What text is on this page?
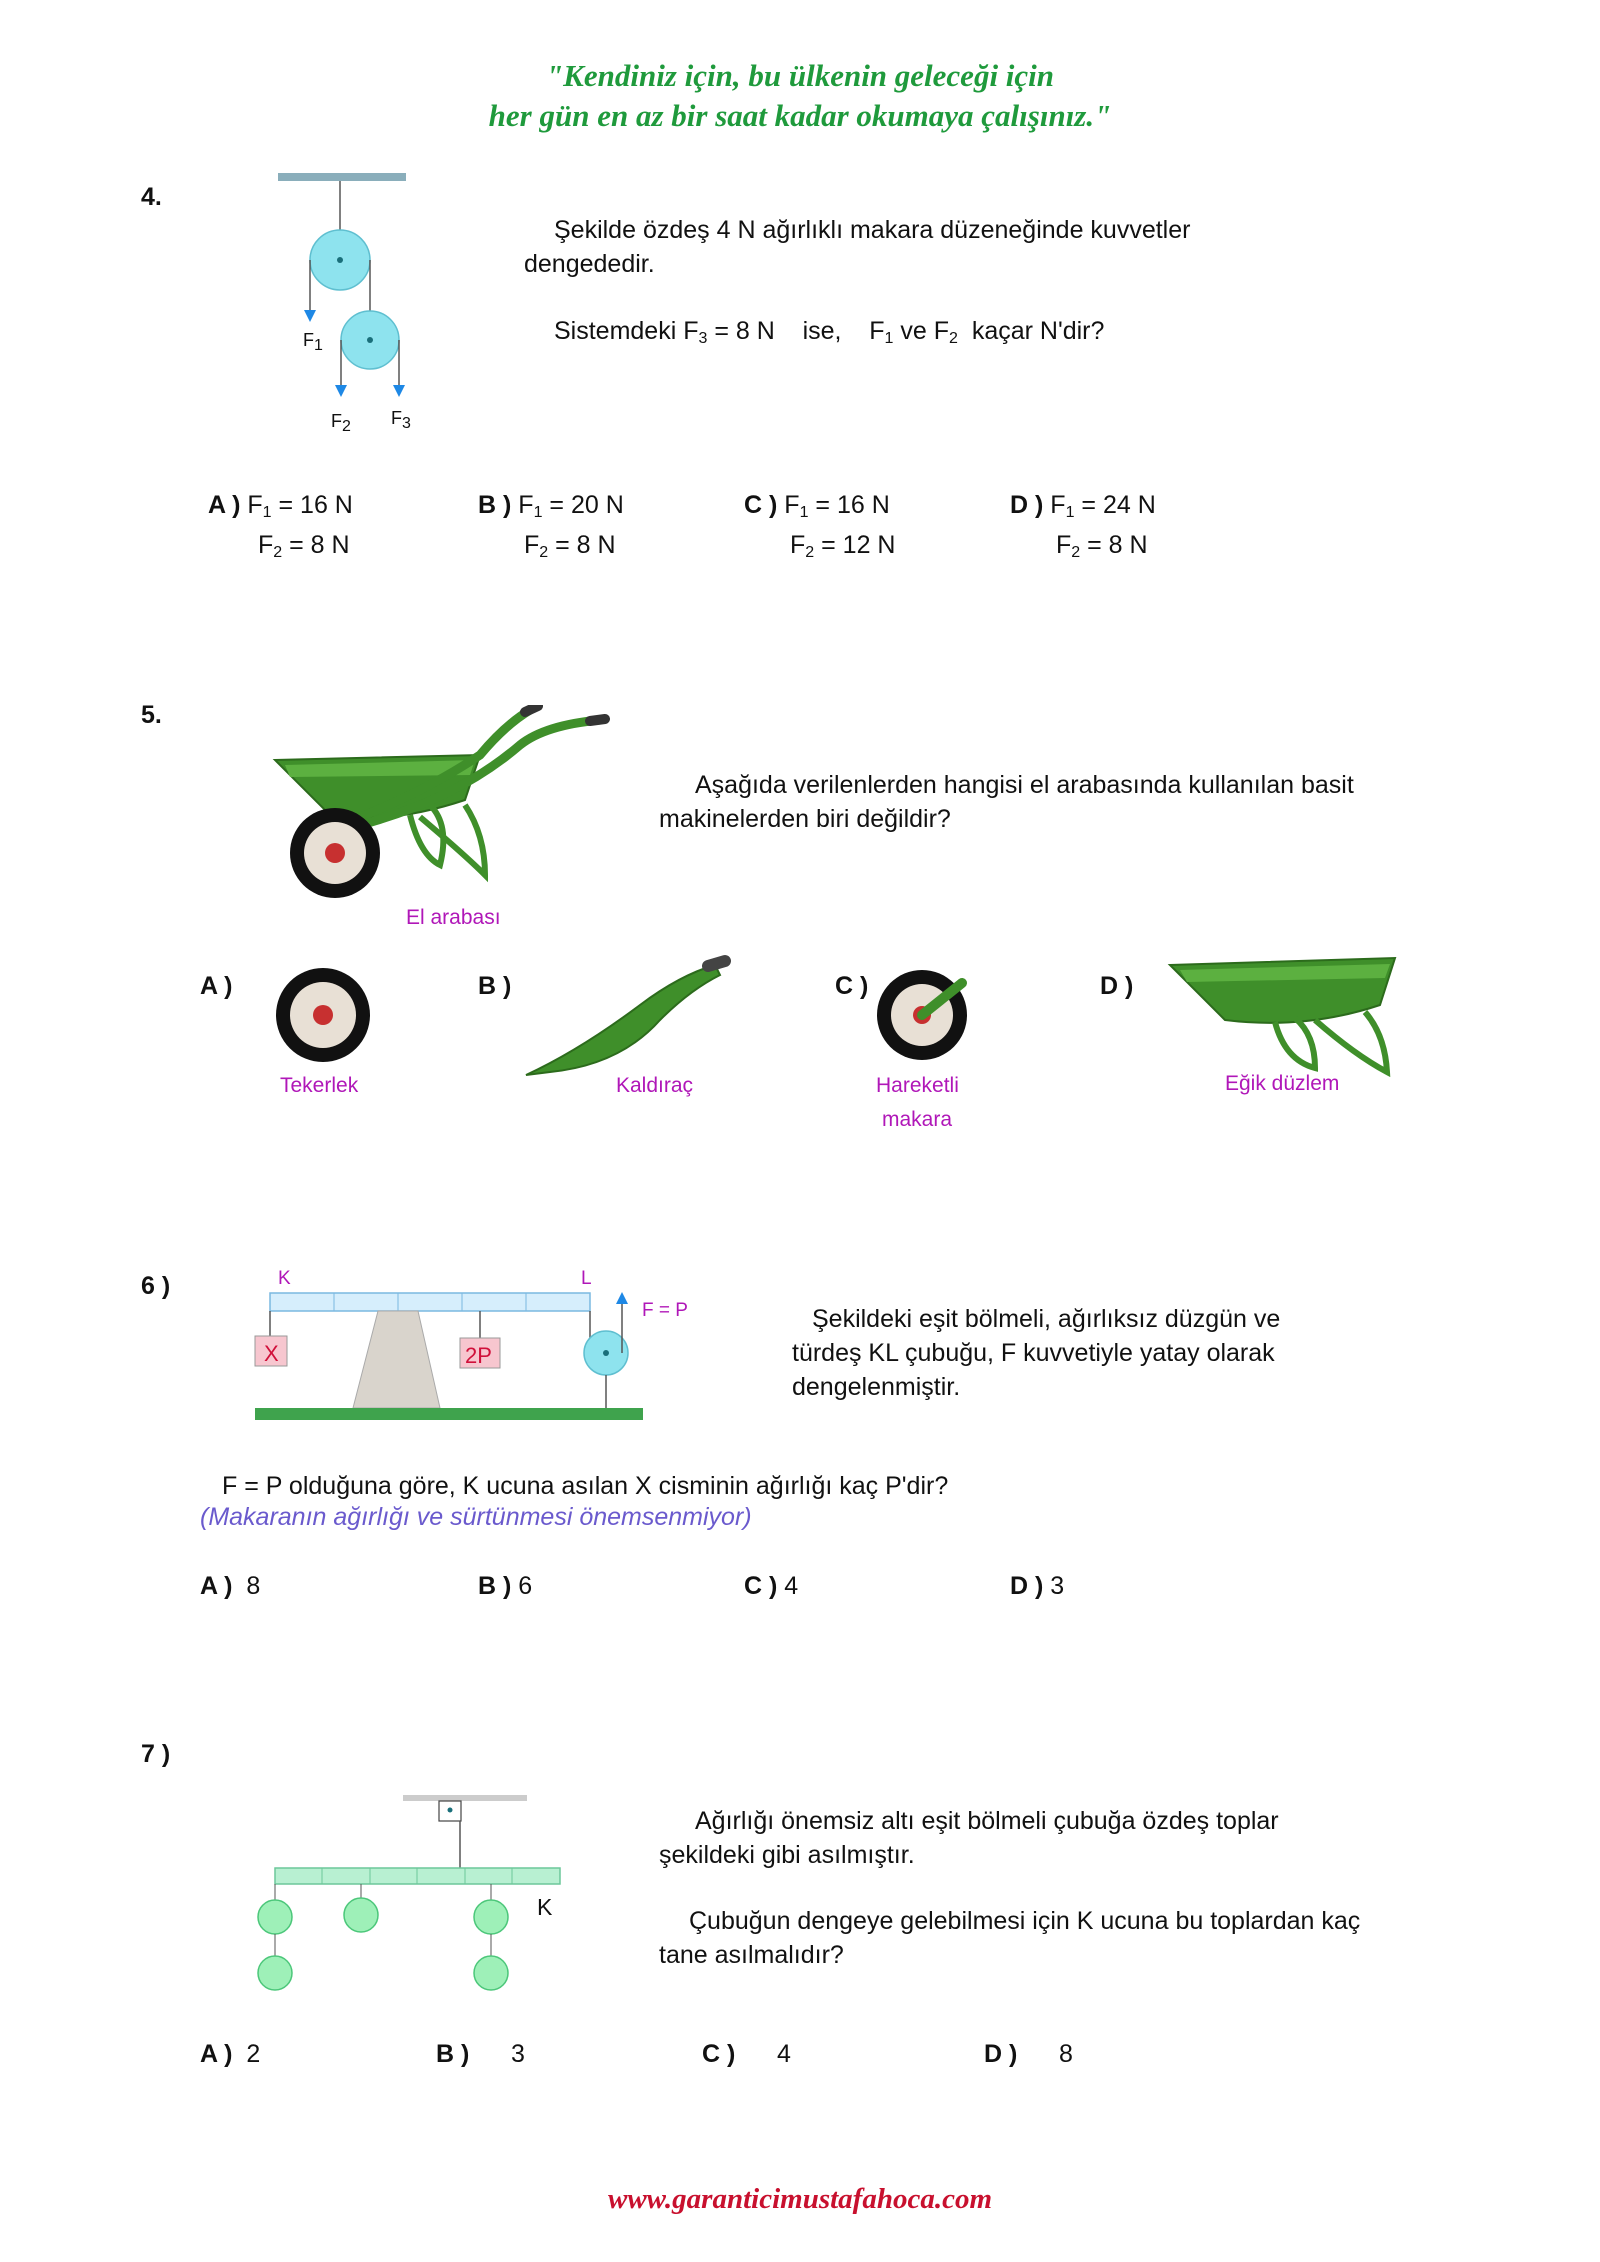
"Kendiniz için, bu ülkenin geleceği için
her gün en az bir saat kadar okumaya çalışınız."
4.
$F_1$
$F_2$ $F_3$
Şekilde özdeş 4 N ağırlıklı makara düzeneğinde kuvvetler dengededir.
Sistemdeki $F_3 = 8$ N    ise,    $F_1$ ve $F_2$  kaçar N'dir?
A ) $F_1 = 16$ N
$F_2 = 8$ N
B ) $F_1 = 20$ N
$F_2 = 8$ N
C ) $F_1 = 16$ N
$F_2 = 12$ N
D ) $F_1 = 24$ N
$F_2 = 8$ N
5.
El arabası
Aşağıda verilenlerden hangisi el arabasında kullanılan basit makinelerden biri değildir?
A )
Tekerlek
B )
Kaldıraç
C )
Hareketli
makara
D )
Eğik düzlem
6 )	K	L
F = P
X	2P
Şekildeki eşit bölmeli, ağırlıksız düzgün ve türdeş KL çubuğu, F kuvvetiyle yatay olarak dengelenmiştir.
F = P olduğuna göre, K ucuna asılan X cisminin ağırlığı kaç P'dir?
(Makaranın ağırlığı ve sürtünmesi önemsenmiyor)
A ) 8	B ) 6	C ) 4	D ) 3
7 )
K
Ağırlığı önemsiz altı eşit bölmeli çubuğa özdeş toplar şekildeki gibi asılmıştır.
Çubuğun dengeye gelebilmesi için K ucuna bu toplardan kaç tane asılmalıdır?
A ) 2	B ) 3	C ) 4	D ) 8
www.garanticimustafahoca.com
